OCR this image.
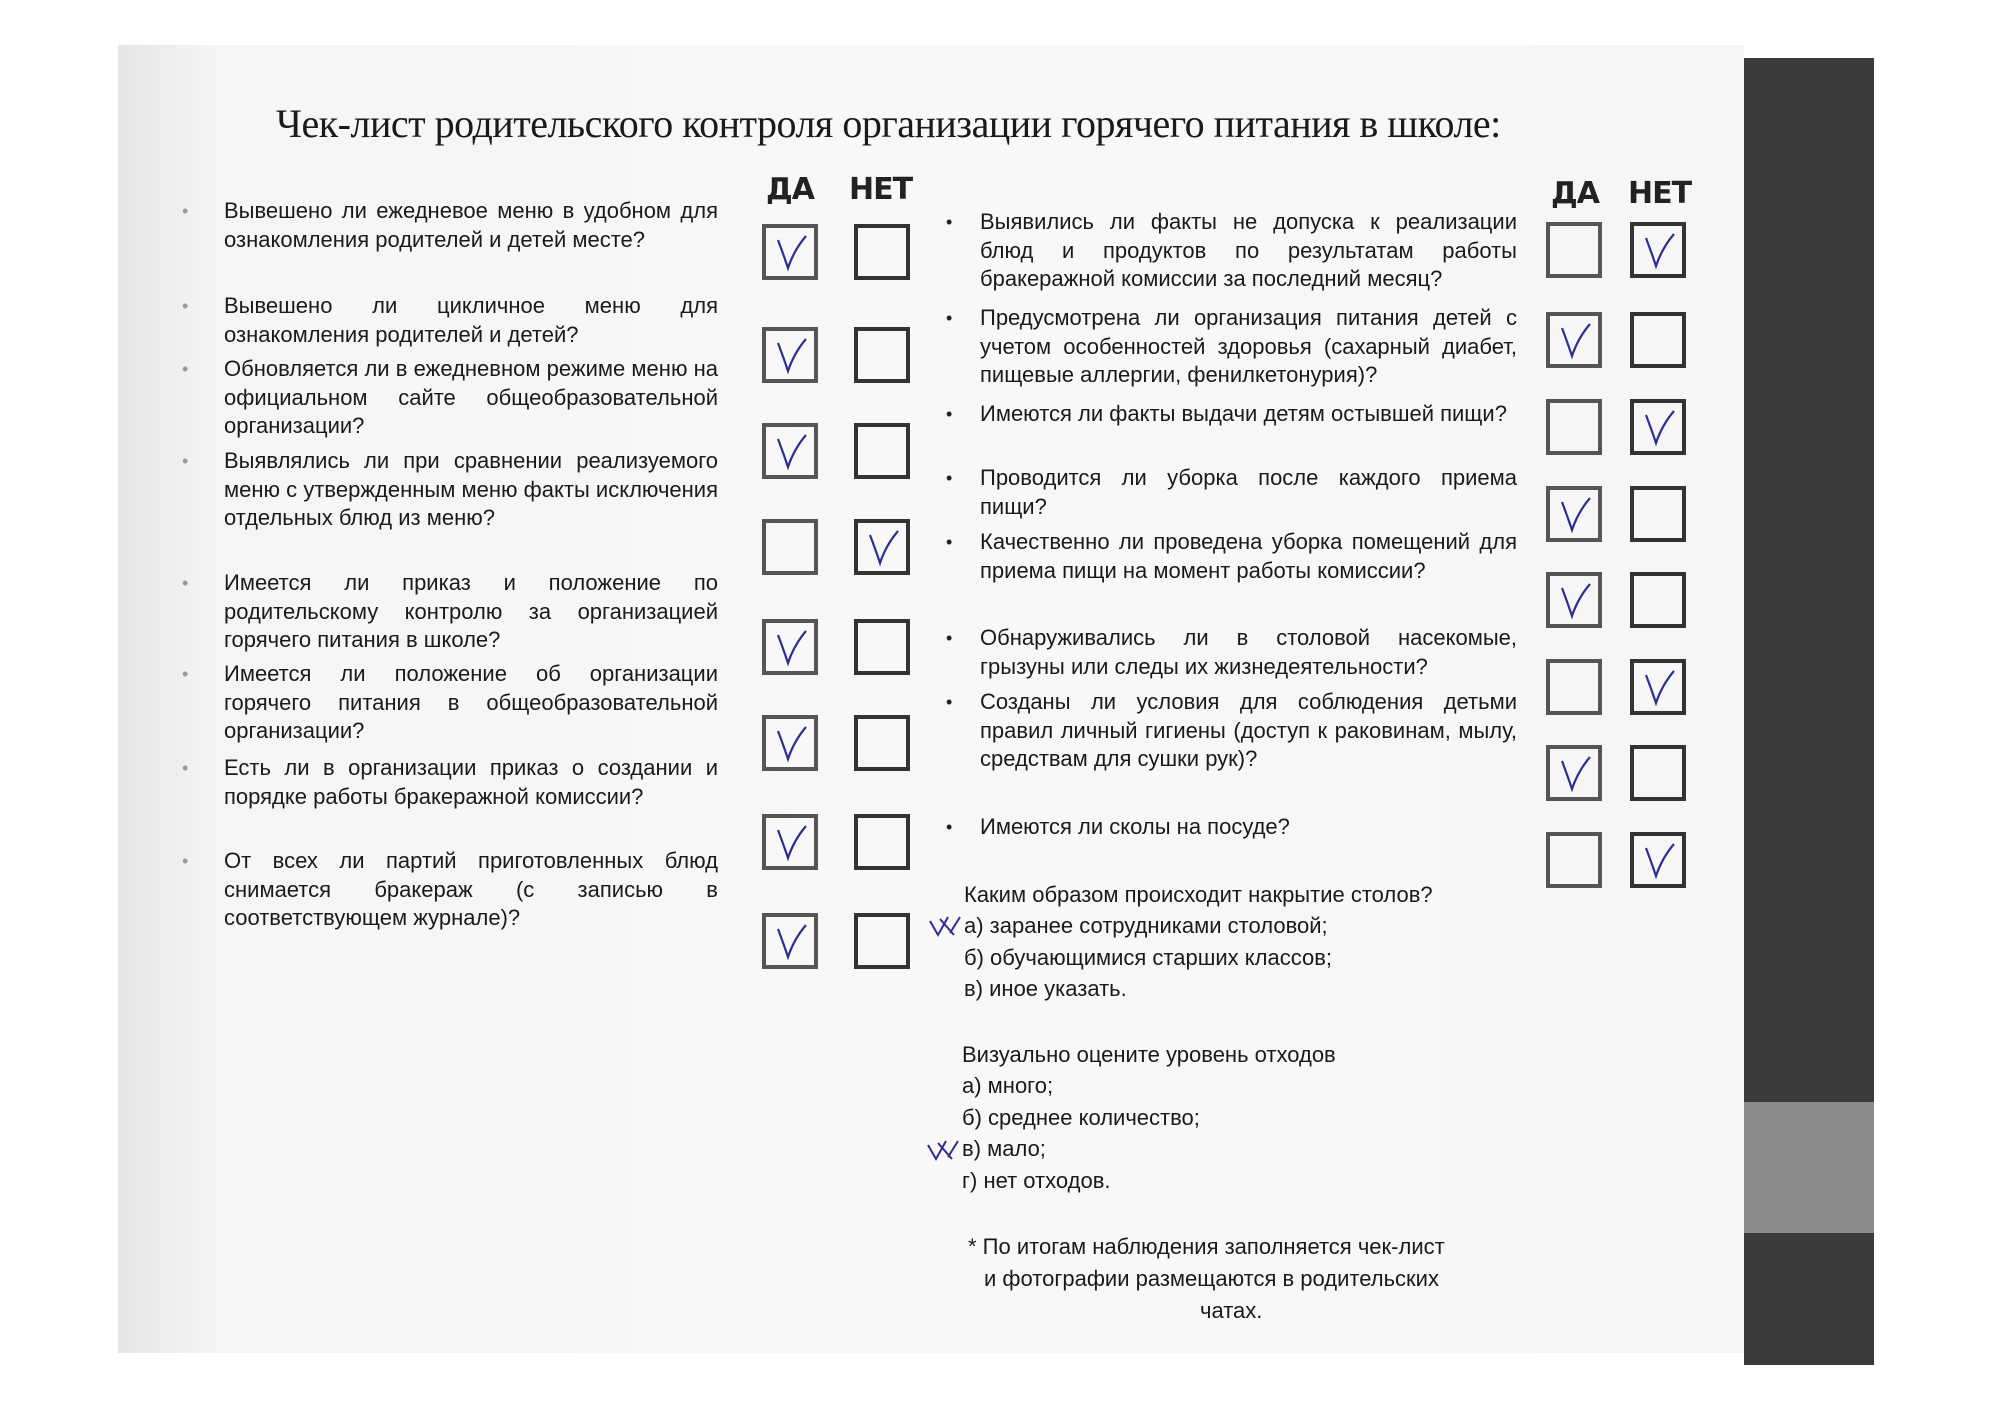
Чек-лист родительского контроля организации горячего питания в школе:
ДА НЕТ	ДА НЕТ
• Вывешено ли ежедневое меню в удобном для ознакомления родителей и детей месте?
• Вывешено ли цикличное меню для ознакомления родителей и детей?
• Обновляется ли в ежедневном режиме меню на официальном сайте общеобразовательной организации?
• Выявлялись ли при сравнении реализуемого меню с утвержденным меню факты исключения отдельных блюд из меню?
• Имеется ли приказ и положение по родительскому контролю за организацией горячего питания в школе?
• Имеется ли положение об организации горячего питания в общеобразовательной организации?
• Есть ли в организации приказ о создании и порядке работы бракеражной комиссии?
• От всех ли партий приготовленных блюд снимается бракераж (с записью в соответствующем журнале)?
• Выявились ли факты не допуска к реализации блюд и продуктов по результатам работы бракеражной комиссии за последний месяц?
• Предусмотрена ли организация питания детей с учетом особенностей здоровья (сахарный диабет, пищевые аллергии, фенилкетонурия)?
• Имеются ли факты выдачи детям остывшей пищи?
• Проводится ли уборка после каждого приема пищи?
• Качественно ли проведена уборка помещений для приема пищи на момент работы комиссии?
• Обнаруживались ли в столовой насекомые, грызуны или следы их жизнедеятельности?
• Созданы ли условия для соблюдения детьми правил личный гигиены (доступ к раковинам, мылу, средствам для сушки рук)?
• Имеются ли сколы на посуде?
Каким образом происходит накрытие столов?
а) заранее сотрудниками столовой;
б) обучающимися старших классов;
в) иное указать.
Визуально оцените уровень отходов
а) много;
б) среднее количество;
в) мало;
г) нет отходов.
* По итогам наблюдения заполняется чек-лист
и фотографии размещаются в родительских
чатах.
